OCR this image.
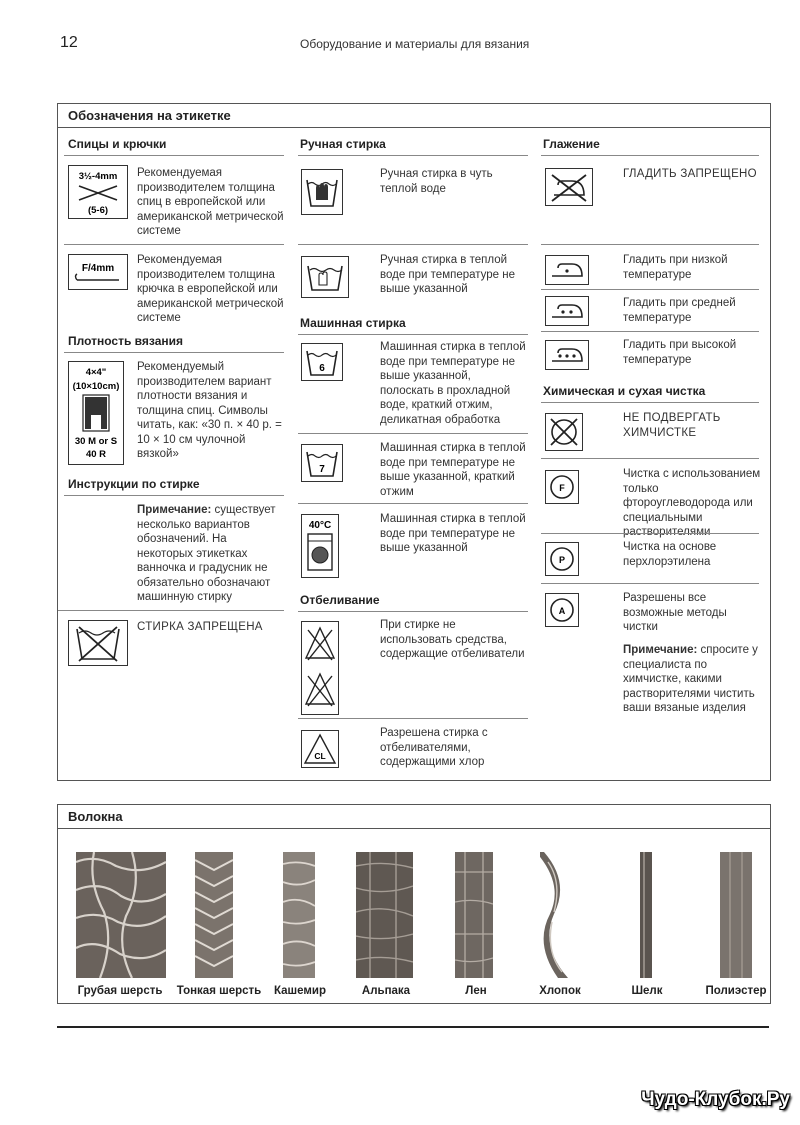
12	Оборудование и материалы для вязания
Обозначения на этикетке
Спицы и крючки
3½-4mm
(5-6)
Рекомендуемая производителем толщина спиц в европейской или американской метрической системе
F/4mm
Рекомендуемая производителем толщина крючка в европейской или американской метрической системе
Плотность вязания
4×4"
(10×10cm)
30 M or S
40 R
Рекомендуемый производителем вариант плотности вязания и толщина спиц. Символы читать, как: «30 п. × 40 р. = 10 × 10 см чулочной вязкой»
Инструкции по стирке
Примечание: существует несколько вариантов обозначений. На некоторых этикетках ванночка и градусник не обязательно обозначают машинную стирку
СТИРКА ЗАПРЕЩЕНА
Ручная стирка
Ручная стирка в чуть теплой воде
Ручная стирка в теплой воде при температуре не выше указанной
Машинная стирка
6
Машинная стирка в теплой воде при температуре не выше указанной, полоскать в прохладной воде, краткий отжим, деликатная обработка
7
Машинная стирка в теплой воде при температуре не выше указанной, краткий отжим
40°C
Машинная стирка в теплой воде при температуре не выше указанной
Отбеливание
При стирке не использовать средства, содержащие отбеливатели
CL
Разрешена стирка с отбеливателями, содержащими хлор
Глажение
ГЛАДИТЬ ЗАПРЕЩЕНО
Гладить при низкой температуре
Гладить при средней температуре
Гладить при высокой температуре
Химическая и сухая чистка
НЕ ПОДВЕРГАТЬ ХИМЧИСТКЕ
F
Чистка с использованием только фтороуглеводорода или специальными растворителями
P
Чистка на основе перхлорэтилена
A
Разрешены все возможные методы чистки
Примечание: спросите у специалиста по химчистке, какими растворителями чистить ваши вязаные изделия
Волокна
Грубая шерсть	Тонкая шерсть	Кашемир	Альпака	Лен	Хлопок	Шелк	Полиэстер
Чудо-Клубок.Ру
